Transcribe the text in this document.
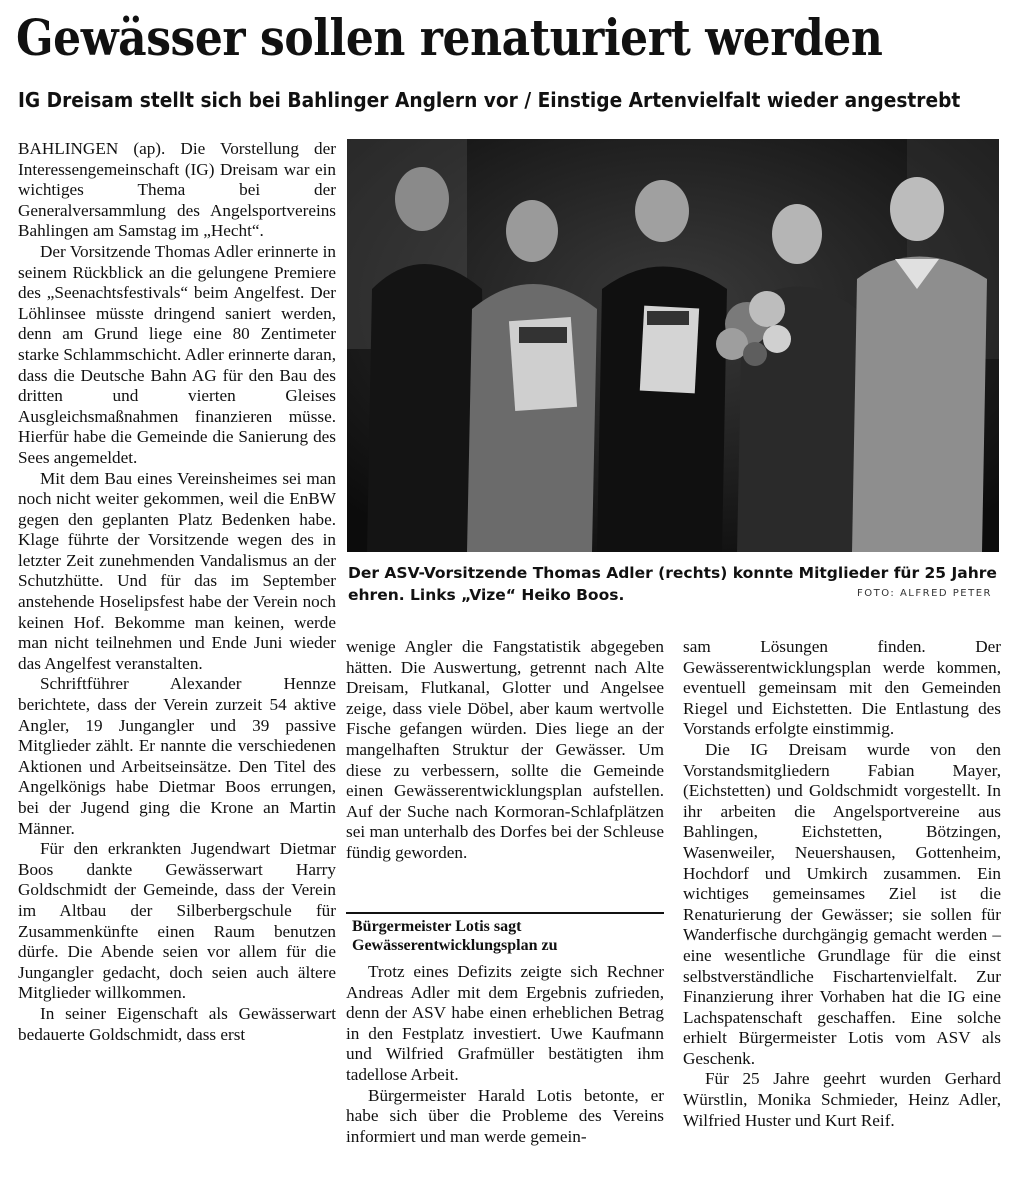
Gewässer sollen renaturiert werden
IG Dreisam stellt sich bei Bahlinger Anglern vor / Einstige Artenvielfalt wieder angestrebt

BAHLINGEN (ap). Die Vorstellung der Interessengemeinschaft (IG) Dreisam war ein wichtiges Thema bei der Generalversammlung des Angelsportvereins Bahlingen am Samstag im „Hecht“.

Der Vorsitzende Thomas Adler erinnerte in seinem Rückblick an die gelungene Premiere des „Seenachtsfestivals“ beim Angelfest. Der Löhlinsee müsste dringend saniert werden, denn am Grund liege eine 80 Zentimeter starke Schlammschicht. Adler erinnerte daran, dass die Deutsche Bahn AG für den Bau des dritten und vierten Gleises Ausgleichsmaßnahmen finanzieren müsse. Hierfür habe die Gemeinde die Sanierung des Sees angemeldet.

Mit dem Bau eines Vereinsheimes sei man noch nicht weiter gekommen, weil die EnBW gegen den geplanten Platz Bedenken habe. Klage führte der Vorsitzende wegen des in letzter Zeit zunehmenden Vandalismus an der Schutzhütte. Und für das im September anstehende Hoselipsfest habe der Verein noch keinen Hof. Bekomme man keinen, werde man nicht teilnehmen und Ende Juni wieder das Angelfest veranstalten.

Schriftführer Alexander Hennze berichtete, dass der Verein zurzeit 54 aktive Angler, 19 Jungangler und 39 passive Mitglieder zählt. Er nannte die verschiedenen Aktionen und Arbeitseinsätze. Den Titel des Angelkönigs habe Dietmar Boos errungen, bei der Jugend ging die Krone an Martin Männer.

Für den erkrankten Jugendwart Dietmar Boos dankte Gewässerwart Harry Goldschmidt der Gemeinde, dass der Verein im Altbau der Silberbergschule für Zusammenkünfte einen Raum benutzen dürfe. Die Abende seien vor allem für die Jungangler gedacht, doch seien auch ältere Mitglieder willkommen.

In seiner Eigenschaft als Gewässerwart bedauerte Goldschmidt, dass erst

Der ASV-Vorsitzende Thomas Adler (rechts) konnte Mitglieder für 25 Jahre ehren. Links „Vize“ Heiko Boos.	FOTO: ALFRED PETER

wenige Angler die Fangstatistik abgegeben hätten. Die Auswertung, getrennt nach Alte Dreisam, Flutkanal, Glotter und Angelsee zeige, dass viele Döbel, aber kaum wertvolle Fische gefangen würden. Dies liege an der mangelhaften Struktur der Gewässer. Um diese zu verbessern, sollte die Gemeinde einen Gewässerentwicklungsplan aufstellen. Auf der Suche nach Kormoran-Schlafplätzen sei man unterhalb des Dorfes bei der Schleuse fündig geworden.

Bürgermeister Lotis sagt Gewässerentwicklungsplan zu

Trotz eines Defizits zeigte sich Rechner Andreas Adler mit dem Ergebnis zufrieden, denn der ASV habe einen erheblichen Betrag in den Festplatz investiert. Uwe Kaufmann und Wilfried Grafmüller bestätigten ihm tadellose Arbeit.

Bürgermeister Harald Lotis betonte, er habe sich über die Probleme des Vereins informiert und man werde gemein-

sam Lösungen finden. Der Gewässerentwicklungsplan werde kommen, eventuell gemeinsam mit den Gemeinden Riegel und Eichstetten. Die Entlastung des Vorstands erfolgte einstimmig.

Die IG Dreisam wurde von den Vorstandsmitgliedern Fabian Mayer, (Eichstetten) und Goldschmidt vorgestellt. In ihr arbeiten die Angelsportvereine aus Bahlingen, Eichstetten, Bötzingen, Wasenweiler, Neuershausen, Gottenheim, Hochdorf und Umkirch zusammen. Ein wichtiges gemeinsames Ziel ist die Renaturierung der Gewässer; sie sollen für Wanderfische durchgängig gemacht werden – eine wesentliche Grundlage für die einst selbstverständliche Fischartenvielfalt. Zur Finanzierung ihrer Vorhaben hat die IG eine Lachspatenschaft geschaffen. Eine solche erhielt Bürgermeister Lotis vom ASV als Geschenk.

Für 25 Jahre geehrt wurden Gerhard Würstlin, Monika Schmieder, Heinz Adler, Wilfried Huster und Kurt Reif.
